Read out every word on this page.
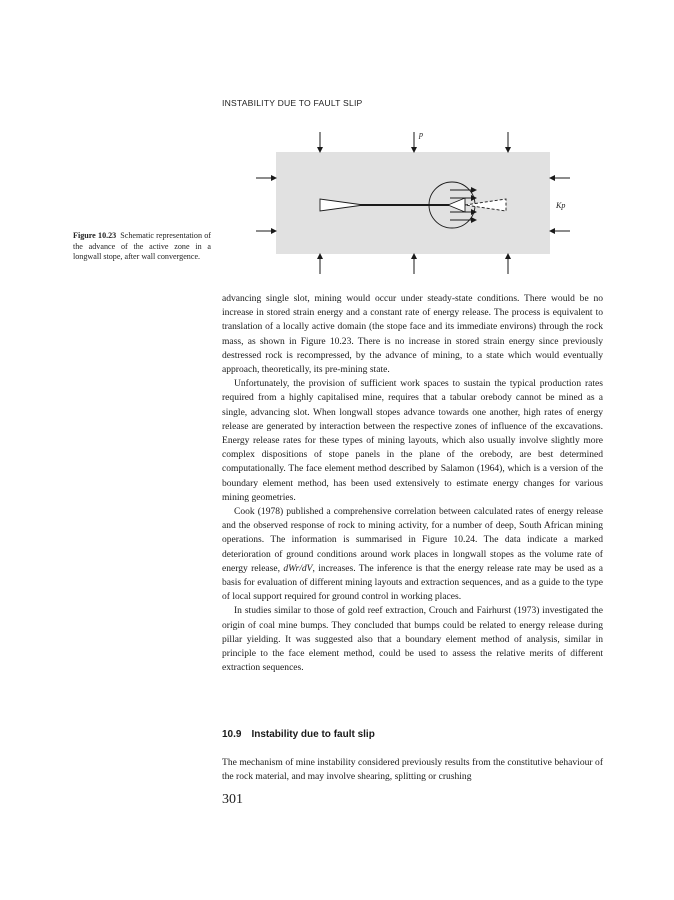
INSTABILITY DUE TO FAULT SLIP
p
Kp
Figure 10.23 Schematic representation of the advance of the active zone in a longwall stope, after wall convergence.

advancing single slot, mining would occur under steady-state conditions. There would be no increase in stored strain energy and a constant rate of energy release. The process is equivalent to translation of a locally active domain (the stope face and its immediate environs) through the rock mass, as shown in Figure 10.23. There is no increase in stored strain energy since previously destressed rock is recompressed, by the advance of mining, to a state which would eventually approach, theoretically, its pre-mining state.

Unfortunately, the provision of sufficient work spaces to sustain the typical production rates required from a highly capitalised mine, requires that a tabular orebody cannot be mined as a single, advancing slot. When longwall stopes advance towards one another, high rates of energy release are generated by interaction between the respective zones of influence of the excavations. Energy release rates for these types of mining layouts, which also usually involve slightly more complex dispositions of stope panels in the plane of the orebody, are best determined computationally. The face element method described by Salamon (1964), which is a version of the boundary element method, has been used extensively to estimate energy changes for various mining geometries.

Cook (1978) published a comprehensive correlation between calculated rates of energy release and the observed response of rock to mining activity, for a number of deep, South African mining operations. The information is summarised in Figure 10.24. The data indicate a marked deterioration of ground conditions around work places in longwall stopes as the volume rate of energy release, dWr/dV, increases. The inference is that the energy release rate may be used as a basis for evaluation of different mining layouts and extraction sequences, and as a guide to the type of local support required for ground control in working places.

In studies similar to those of gold reef extraction, Crouch and Fairhurst (1973) investigated the origin of coal mine bumps. They concluded that bumps could be related to energy release during pillar yielding. It was suggested also that a boundary element method of analysis, similar in principle to the face element method, could be used to assess the relative merits of different extraction sequences.

10.9 Instability due to fault slip

The mechanism of mine instability considered previously results from the constitutive behaviour of the rock material, and may involve shearing, splitting or crushing

301
